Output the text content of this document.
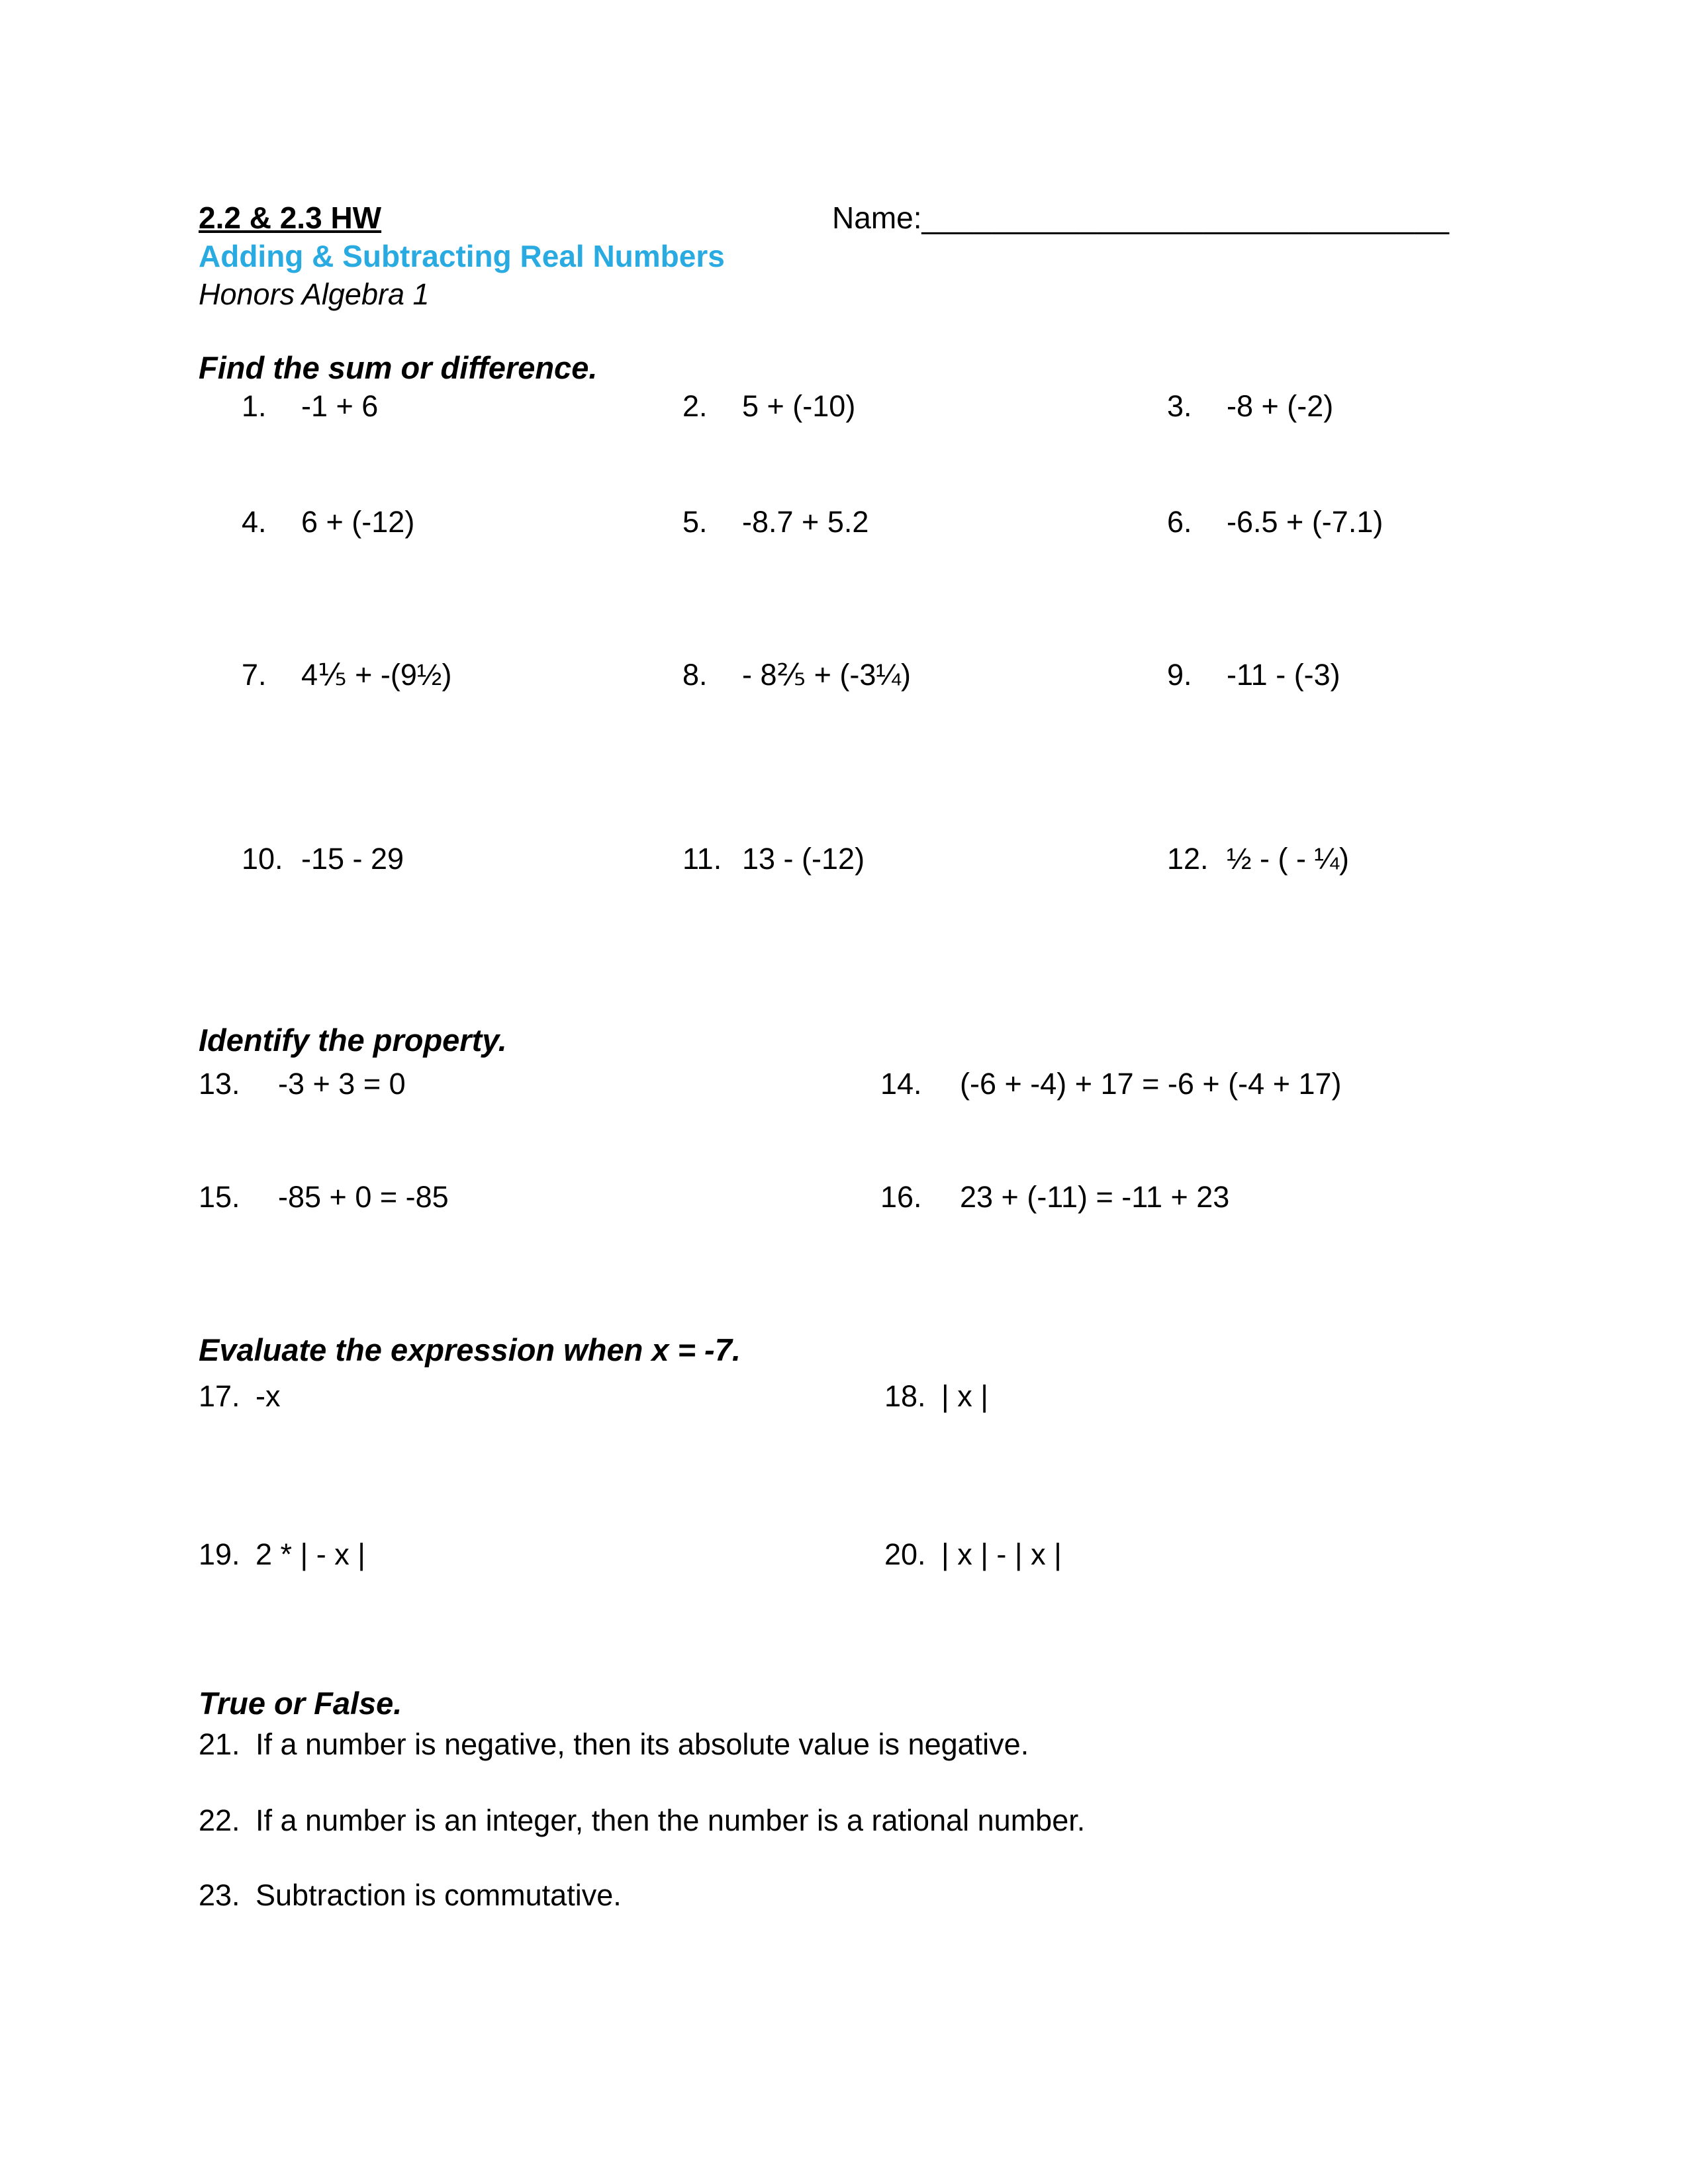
2.2 & 2.3 HW	Name:______________________________
Adding & Subtracting Real Numbers
Honors Algebra 1
Find the sum or difference.
1.	-1 + 6	2.	5 + (-10)	3.	-8 + (-2)
4.	6 + (-12)	5.	-8.7 + 5.2	6.	-6.5 + (-7.1)
7.	4⅕ + -(9½)	8.	- 8⅖ + (-3¼)	9.	-11 - (-3)
10. -15 - 29	11. 13 - (-12)	12. ½ - ( - ¼)
Identify the property.
13.	-3 + 3 = 0	14.	(-6 + -4) + 17 = -6 + (-4 + 17)
15.	-85 + 0 = -85	16.	23 + (-11) = -11 + 23
Evaluate the expression when x = -7.
17. -x	18. | x |
19. 2 * | - x |	20. | x | - | x |
True or False.
21. If a number is negative, then its absolute value is negative.
22. If a number is an integer, then the number is a rational number.
23. Subtraction is commutative.
